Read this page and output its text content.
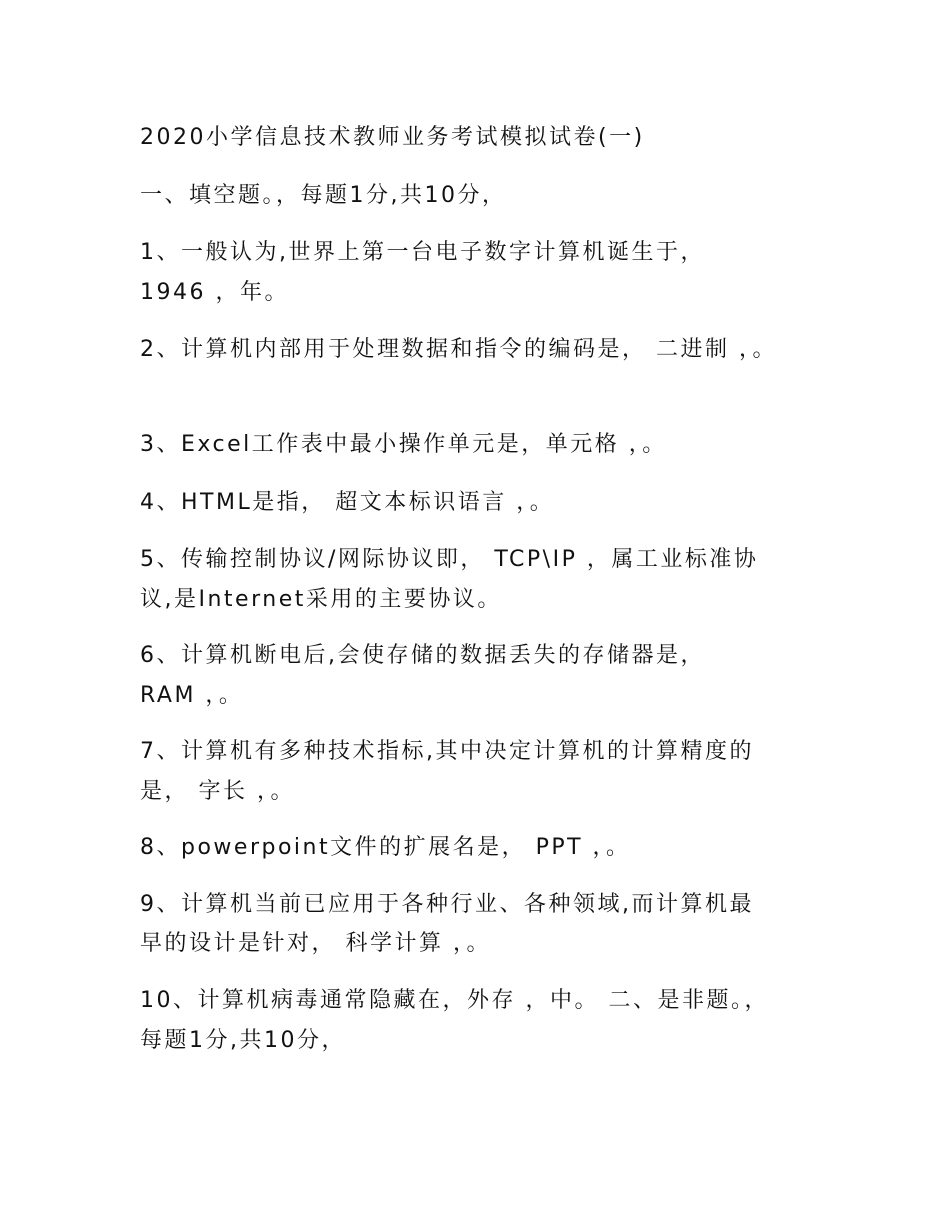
2020小学信息技术教师业务考试模拟试卷(一)

一、填空题。，每题1分,共10分，

1、一般认为,世界上第一台电子数字计算机诞生于，

1946 ，年。

2、计算机内部用于处理数据和指令的编码是， 二进制 ，。

3、Excel工作表中最小操作单元是，单元格 ，。

4、HTML是指， 超文本标识语言 ，。

5、传输控制协议/网际协议即， TCP\IP ，属工业标准协

议,是Internet采用的主要协议。

6、计算机断电后,会使存储的数据丢失的存储器是，

RAM ，。

7、计算机有多种技术指标,其中决定计算机的计算精度的

是， 字长 ，。

8、powerpoint文件的扩展名是， PPT ，。

9、计算机当前已应用于各种行业、各种领域,而计算机最

早的设计是针对， 科学计算 ，。

10、计算机病毒通常隐藏在，外存 ，中。 二、是非题。，

每题1分,共10分，
